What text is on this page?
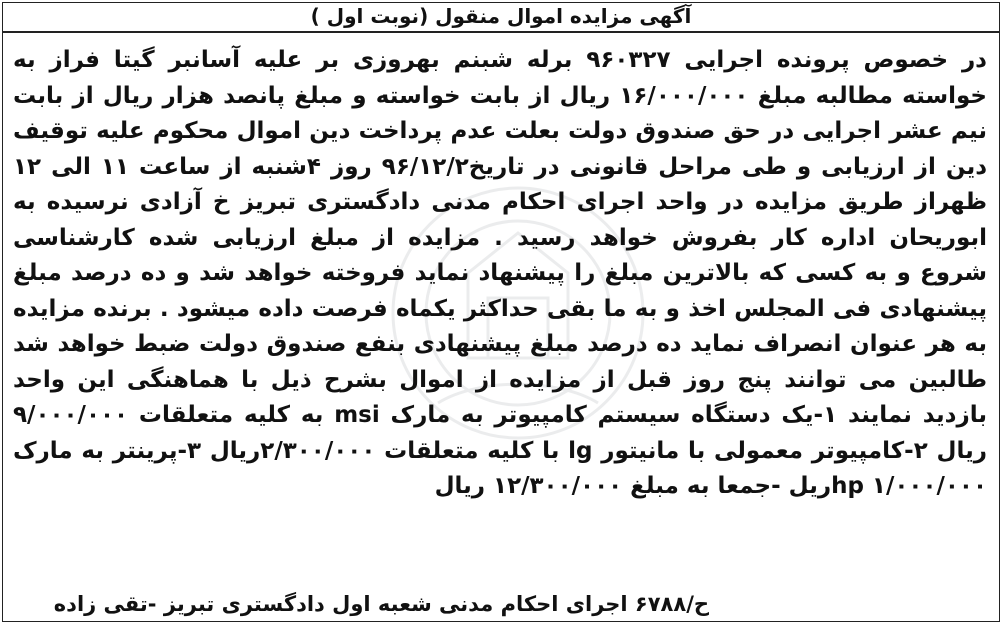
آگهی مزایده اموال منقول (نوبت اول )
در خصوص پرونده اجرایی ۹۶۰۳۲۷ برله شبنم بهروزی بر علیه آسانبر گیتا فراز به خواسته مطالبه مبلغ ۱۶/۰۰۰/۰۰۰ ریال از بابت خواسته و مبلغ پانصد هزار ریال از بابت نیم عشر اجرایی در حق صندوق دولت بعلت عدم پرداخت دین اموال محکوم علیه توقیف دین از ارزیابی و طی مراحل قانونی در تاریخ۹۶/۱۲/۲ روز ۴شنبه از ساعت ۱۱ الی ۱۲ ظهراز طریق مزایده در واحد اجرای احکام مدنی دادگستری تبریز خ آزادی نرسیده به ابوریحان اداره کار بفروش خواهد رسید . مزایده از مبلغ ارزیابی شده کارشناسی شروع و به کسی که بالاترین مبلغ را پیشنهاد نماید فروخته خواهد شد و ده درصد مبلغ پیشنهادی فی المجلس اخذ و به ما بقی حداکثر یکماه فرصت داده میشود . برنده مزایده به هر عنوان انصراف نماید ده درصد مبلغ پیشنهادی بنفع صندوق دولت ضبط خواهد شد طالبین می توانند پنج روز قبل از مزایده از اموال بشرح ذیل با هماهنگی این واحد بازدید نمایند ۱-یک دستگاه سیستم کامپیوتر به مارک msi به کلیه متعلقات ۹/۰۰۰/۰۰۰ ریال ۲-کامپیوتر معمولی با مانیتور lg با کلیه متعلقات ۲/۳۰۰/۰۰۰ریال ۳-پرینتر به مارک hp ۱/۰۰۰/۰۰۰ریل -جمعا به مبلغ ۱۲/۳۰۰/۰۰۰ ریال
ح/۶۷۸۸ اجرای احکام مدنی شعبه اول دادگستری تبریز -تقی زاده
